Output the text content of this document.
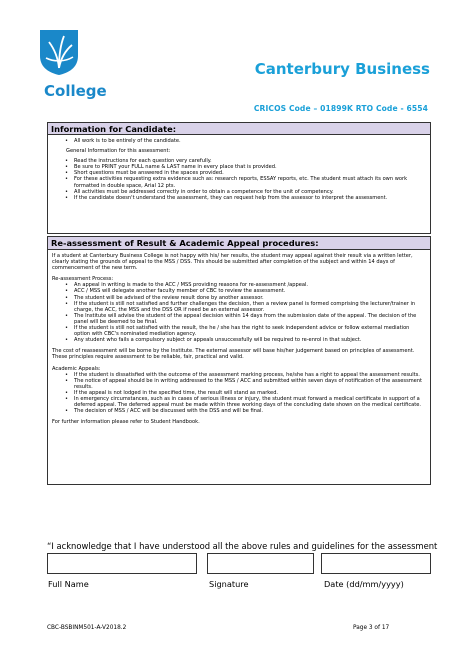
College
Canterbury Business
CRICOS Code – 01899K RTO Code - 6554
Information for Candidate:
• All work is to be entirely of the candidate.

General Information for this assessment:

• Read the instructions for each question very carefully.
• Be sure to PRINT your FULL name & LAST name in every place that is provided.
• Short questions must be answered in the spaces provided.
• For these activities requesting extra evidence such as: research reports, ESSAY reports, etc. The student must attach its own work formatted in double space, Arial 12 pts.
• All activities must be addressed correctly in order to obtain a competence for the unit of competency.
• If the candidate doesn't understand the assessment, they can request help from the assessor to interpret the assessment.
Re-assessment of Result & Academic Appeal procedures:

If a student at Canterbury Business College is not happy with his/ her results, the student may appeal against their result via a written letter, clearly stating the grounds of appeal to the MSS / DSS. This should be submitted after completion of the subject and within 14 days of commencement of the new term.

Re-assessment Process:

• An appeal in writing is made to the ACC / MSS providing reasons for re-assessment /appeal.
• ACC / MSS will delegate another faculty member of CBC to review the assessment.
• The student will be advised of the review result done by another assessor.
• If the student is still not satisfied and further challenges the decision, then a review panel is formed comprising the lecturer/trainer in charge, the ACC, the MSS and the DSS OR if need be an external assessor.
• The Institute will advise the student of the appeal decision within 14 days from the submission date of the appeal. The decision of the panel will be deemed to be final.
• If the student is still not satisfied with the result, the he / she has the right to seek independent advice or follow external mediation option with CBC's nominated mediation agency.
• Any student who fails a compulsory subject or appeals unsuccessfully will be required to re-enrol in that subject.

The cost of reassessment will be borne by the Institute. The external assessor will base his/her judgement based on principles of assessment. These principles require assessment to be reliable, fair, practical and valid.

Academic Appeals:

• If the student is dissatisfied with the outcome of the assessment marking process, he/she has a right to appeal the assessment results.
• The notice of appeal should be in writing addressed to the MSS / ACC and submitted within seven days of notification of the assessment results.
• If the appeal is not lodged in the specified time, the result will stand as marked.
• In emergency circumstances, such as in cases of serious illness or injury, the student must forward a medical certificate in support of a deferred appeal. The deferred appeal must be made within three working days of the concluding date shown on the medical certificate.
• The decision of MSS / ACC will be discussed with the DSS and will be final.

For further information please refer to Student Handbook.

“I acknowledge that I have understood all the above rules and guidelines for the assessment
Full Name	Signature	Date (dd/mm/yyyy)
CBC-BSBINM501-A-V2018.2	Page 3 of 17
